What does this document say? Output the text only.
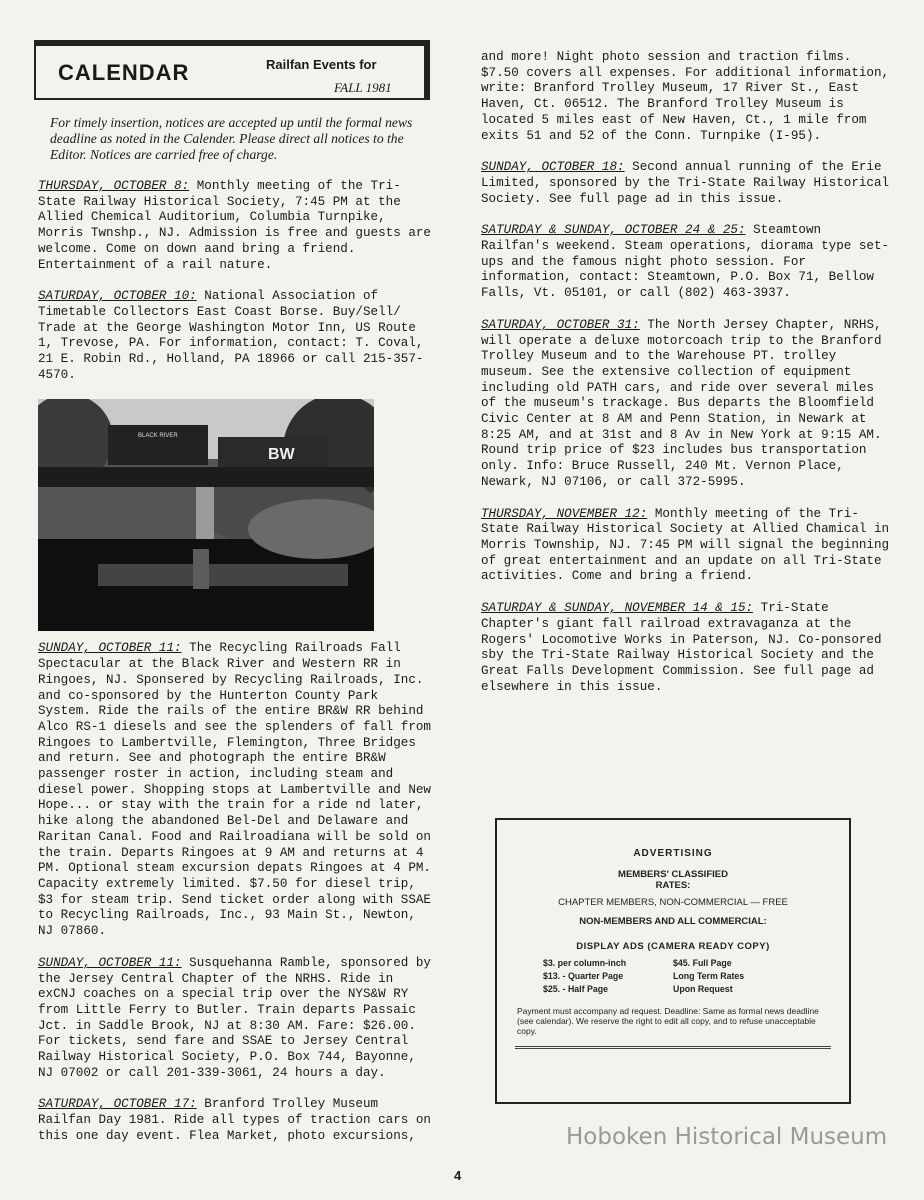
CALENDAR	Railfan Events for
FALL 1981

For timely insertion, notices are accepted up until the formal news deadline as noted in the Calender. Please direct all notices to the Editor. Notices are carried free of charge.

THURSDAY, OCTOBER 8: Monthly meeting of the Tri-State Railway Historical Society, 7:45 PM at the Allied Chemical Auditorium, Columbia Turnpike, Morris Twnshp., NJ. Admission is free and guests are welcome. Come on down aand bring a friend. Entertainment of a rail nature.
SATURDAY, OCTOBER 10: National Association of Timetable Collectors East Coast Borse. Buy/Sell/ Trade at the George Washington Motor Inn, US Route 1, Trevose, PA. For information, contact: T. Coval, 21 E. Robin Rd., Holland, PA 18966 or call 215-357-4570.
BLACK RIVER
BW
SUNDAY, OCTOBER 11: The Recycling Railroads Fall Spectacular at the Black River and Western RR in Ringoes, NJ. Sponsered by Recycling Railroads, Inc. and co-sponsored by the Hunterton County Park System. Ride the rails of the entire BR&W RR behind Alco RS-1 diesels and see the splenders of fall from Ringoes to Lambertville, Flemington, Three Bridges and return. See and photograph the entire BR&W passenger roster in action, including steam and diesel power. Shopping stops at Lambertville and New Hope... or stay with the train for a ride nd later, hike along the abandoned Bel-Del and Delaware and Raritan Canal. Food and Railroadiana will be sold on the train. Departs Ringoes at 9 AM and returns at 4 PM. Optional steam excursion depats Ringoes at 4 PM. Capacity extremely limited. $7.50 for diesel trip, $3 for steam trip. Send ticket order along with SSAE to Recycling Railroads, Inc., 93 Main St., Newton, NJ 07860.
SUNDAY, OCTOBER 11: Susquehanna Ramble, sponsored by the Jersey Central Chapter of the NRHS. Ride in exCNJ coaches on a special trip over the NYS&W RY from Little Ferry to Butler. Train departs Passaic Jct. in Saddle Brook, NJ at 8:30 AM. Fare: $26.00. For tickets, send fare and SSAE to Jersey Central Railway Historical Society, P.O. Box 744, Bayonne, NJ 07002 or call 201-339-3061, 24 hours a day.
SATURDAY, OCTOBER 17: Branford Trolley Museum Railfan Day 1981. Ride all types of traction cars on this one day event. Flea Market, photo excursions,
and more! Night photo session and traction films. $7.50 covers all expenses. For additional information, write: Branford Trolley Museum, 17 River St., East Haven, Ct. 06512. The Branford Trolley Museum is located 5 miles east of New Haven, Ct., 1 mile from exits 51 and 52 of the Conn. Turnpike (I-95).
SUNDAY, OCTOBER 18: Second annual running of the Erie Limited, sponsored by the Tri-State Railway Historical Society. See full page ad in this issue.
SATURDAY & SUNDAY, OCTOBER 24 & 25: Steamtown Railfan's weekend. Steam operations, diorama type set-ups and the famous night photo session. For information, contact: Steamtown, P.O. Box 71, Bellow Falls, Vt. 05101, or call (802) 463-3937.
SATURDAY, OCTOBER 31: The North Jersey Chapter, NRHS, will operate a deluxe motorcoach trip to the Branford Trolley Museum and to the Warehouse PT. trolley museum. See the extensive collection of equipment including old PATH cars, and ride over several miles of the museum's trackage. Bus departs the Bloomfield Civic Center at 8 AM and Penn Station, in Newark at 8:25 AM, and at 31st and 8 Av in New York at 9:15 AM. Round trip price of $23 includes bus transportation only. Info: Bruce Russell, 240 Mt. Vernon Place, Newark, NJ 07106, or call 372-5995.
THURSDAY, NOVEMBER 12: Monthly meeting of the Tri-State Railway Historical Society at Allied Chamical in Morris Township, NJ. 7:45 PM will signal the beginning of great entertainment and an update on all Tri-State activities. Come and bring a friend.
SATURDAY & SUNDAY, NOVEMBER 14 & 15: Tri-State Chapter's giant fall railroad extravaganza at the Rogers' Locomotive Works in Paterson, NJ. Co-ponsored sby the Tri-State Railway Historical Society and the Great Falls Development Commission. See full page ad elsewhere in this issue.
ADVERTISING
MEMBERS' CLASSIFIED
RATES:
CHAPTER MEMBERS, NON-COMMERCIAL — FREE
NON-MEMBERS AND ALL COMMERCIAL:
DISPLAY ADS (CAMERA READY COPY)
$3. per column-inch	$45. Full Page
$13. - Quarter Page	Long Term Rates
$25. - Half Page	Upon Request
Payment must accompany ad request. Deadline: Same as formal news deadline (see calendar). We reserve the right to edit all copy, and to refuse unacceptable copy.
Hoboken Historical Museum
4
